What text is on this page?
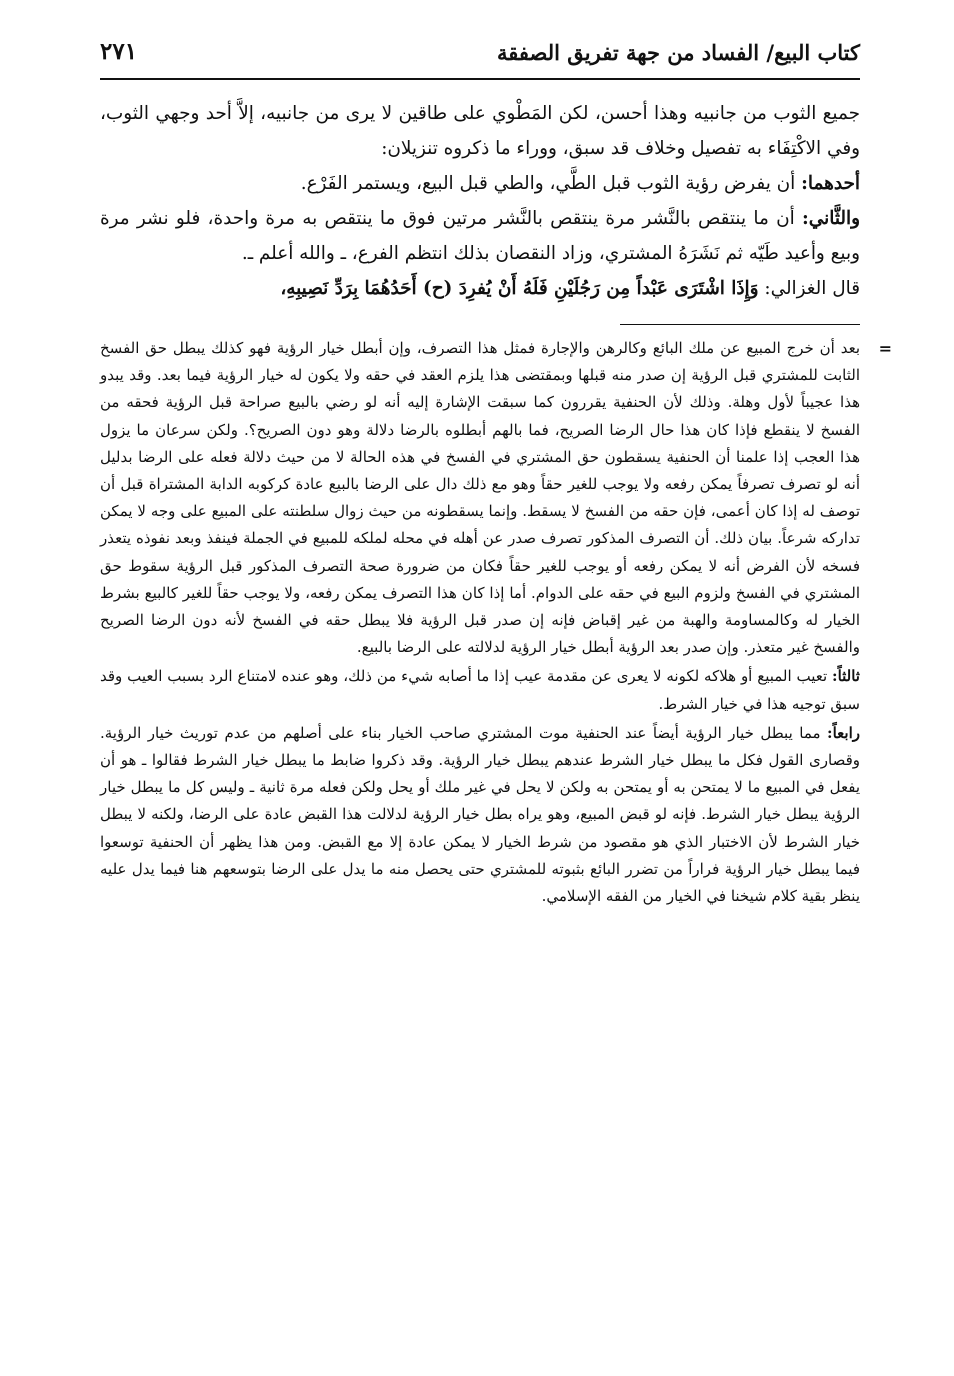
كتاب البيع/ الفساد من جهة تفريق الصفقة
٢٧١

جميع الثوب من جانبيه وهذا أحسن، لكن المَطْوي على طاقين لا يرى من جانبيه، إلاَّ أحد وجهي الثوب، وفي الاكْتِفَاء به تفصيل وخلاف قد سبق، ووراء ما ذكروه تنزيلان:

أحدهما: أن يفرض رؤية الثوب قبل الطَّي، والطي قبل البيع، ويستمر الفَرْع.

والثَّاني: أن ما ينتقص بالنَّشر مرة ينتقص بالنَّشر مرتين فوق ما ينتقص به مرة واحدة، فلو نشر مرة وبيع وأعيد طَيّه ثم نَشَرَهُ المشتري، وزاد النقصان بذلك انتظم الفرع، ـ والله أعلم ـ.

قال الغزالي: وَإِذَا اشْتَرَى عَبْداً مِن رَجُلَيْنِ فَلَهُ أَنْ يُفرِدَ (ح) أَحَدُهُمَا بِرَدِّ نَصِيبِهِ،

=

بعد أن خرج المبيع عن ملك البائع وكالرهن والإجارة فمثل هذا التصرف، وإن أبطل خيار الرؤية فهو كذلك يبطل حق الفسخ الثابت للمشتري قبل الرؤية إن صدر منه قبلها وبمقتضى هذا يلزم العقد في حقه ولا يكون له خيار الرؤية فيما بعد. وقد يبدو هذا عجيباً لأول وهلة. وذلك لأن الحنفية يقررون كما سبقت الإشارة إليه أنه لو رضي بالبيع صراحة قبل الرؤية فحقه من الفسخ لا ينقطع فإذا كان هذا حال الرضا الصريح، فما بالهم أبطلوه بالرضا دلالة وهو دون الصريح؟. ولكن سرعان ما يزول هذا العجب إذا علمنا أن الحنفية يسقطون حق المشتري في الفسخ في هذه الحالة لا من حيث دلالة فعله على الرضا بدليل أنه لو تصرف تصرفاً يمكن رفعه ولا يوجب للغير حقاً وهو مع ذلك دال على الرضا بالبيع عادة كركوبه الدابة المشتراة قبل أن توصف له إذا كان أعمى، فإن حقه من الفسخ لا يسقط. وإنما يسقطونه من حيث زوال سلطنته على المبيع على وجه لا يمكن تداركه شرعاً. بيان ذلك. أن التصرف المذكور تصرف صدر عن أهله في محله لملكه للمبيع في الجملة فينفذ وبعد نفوذه يتعذر فسخه لأن الفرض أنه لا يمكن رفعه أو يوجب للغير حقاً فكان من ضرورة صحة التصرف المذكور قبل الرؤية سقوط حق المشتري في الفسخ ولزوم البيع في حقه على الدوام. أما إذا كان هذا التصرف يمكن رفعه، ولا يوجب حقاً للغير كالبيع بشرط الخيار له وكالمساومة والهبة من غير إقباض فإنه إن صدر قبل الرؤية فلا يبطل حقه في الفسخ لأنه دون الرضا الصريح والفسخ غير متعذر. وإن صدر بعد الرؤية أبطل خيار الرؤية لدلالته على الرضا بالبيع.

ثالثاً: تعيب المبيع أو هلاكه لكونه لا يعرى عن مقدمة عيب إذا ما أصابه شيء من ذلك، وهو عنده لامتناع الرد بسبب العيب وقد سبق توجيه هذا في خيار الشرط.

رابعاً: مما يبطل خيار الرؤية أيضاً عند الحنفية موت المشتري صاحب الخيار بناء على أصلهم من عدم توريث خيار الرؤية. وقصارى القول فكل ما يبطل خيار الشرط عندهم يبطل خيار الرؤية. وقد ذكروا ضابط ما يبطل خيار الشرط فقالوا ـ هو أن يفعل في المبيع ما لا يمتحن به أو يمتحن به ولكن لا يحل في غير ملك أو يحل ولكن فعله مرة ثانية ـ وليس كل ما يبطل خيار الرؤية يبطل خيار الشرط. فإنه لو قبض المبيع، وهو يراه بطل خيار الرؤية لدلالت هذا القبض عادة على الرضا، ولكنه لا يبطل خيار الشرط لأن الاختبار الذي هو مقصود من شرط الخيار لا يمكن عادة إلا مع القبض. ومن هذا يظهر أن الحنفية توسعوا فيما يبطل خيار الرؤية فراراً من تضرر البائع بثبوته للمشتري حتى يحصل منه ما يدل على الرضا بتوسعهم هنا فيما يدل عليه ينظر بقية كلام شيخنا في الخيار من الفقه الإسلامي.
